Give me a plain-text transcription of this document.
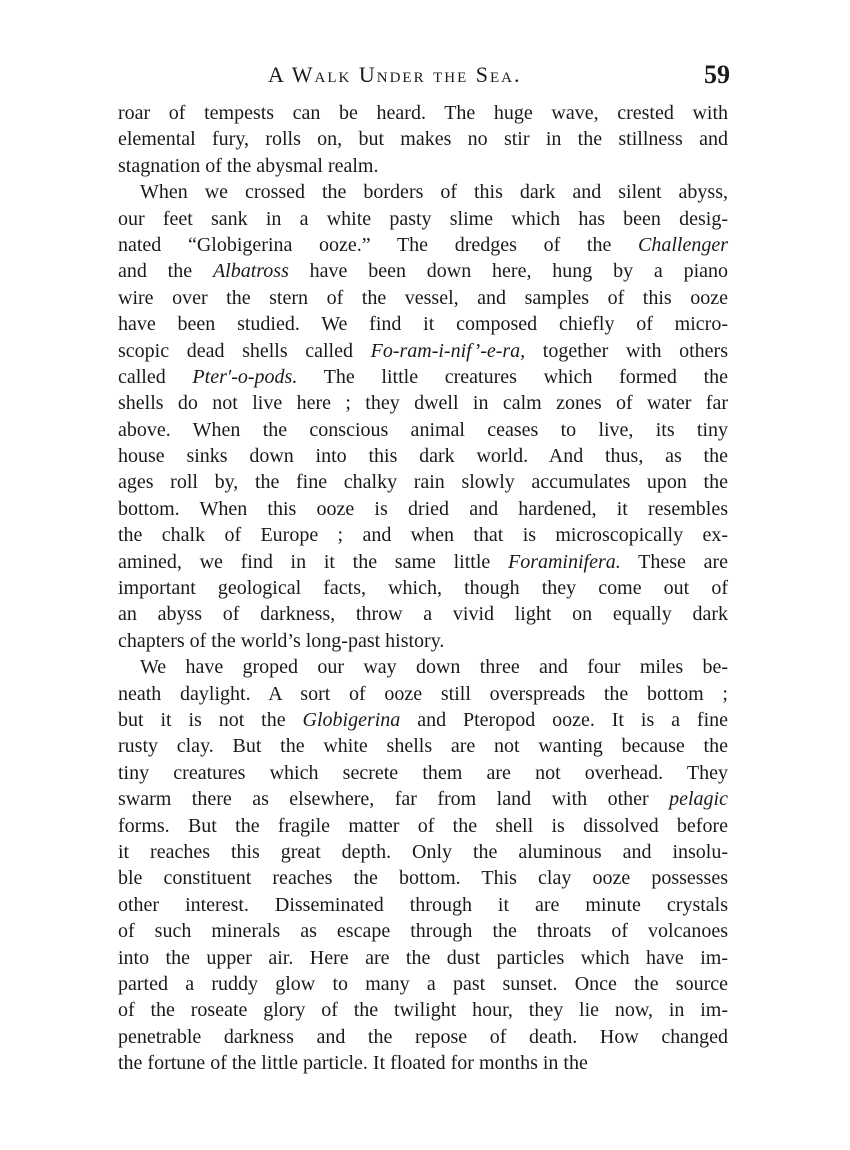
A Walk Under the Sea.	59
roar of tempests can be heard. The huge wave, crested with
elemental fury, rolls on, but makes no stir in the stillness and
stagnation of the abysmal realm.
When we crossed the borders of this dark and silent abyss,
our feet sank in a white pasty slime which has been desig-
nated “Globigerina ooze.” The dredges of the Challenger
and the Albatross have been down here, hung by a piano
wire over the stern of the vessel, and samples of this ooze
have been studied. We find it composed chiefly of micro-
scopic dead shells called Fo-ram-i-nif’-e-ra, together with others
called Pter′-o-pods. The little creatures which formed the
shells do not live here ; they dwell in calm zones of water far
above. When the conscious animal ceases to live, its tiny
house sinks down into this dark world. And thus, as the
ages roll by, the fine chalky rain slowly accumulates upon the
bottom. When this ooze is dried and hardened, it resembles
the chalk of Europe ; and when that is microscopically ex-
amined, we find in it the same little Foraminifera. These are
important geological facts, which, though they come out of
an abyss of darkness, throw a vivid light on equally dark
chapters of the world’s long-past history.
We have groped our way down three and four miles be-
neath daylight. A sort of ooze still overspreads the bottom ;
but it is not the Globigerina and Pteropod ooze. It is a fine
rusty clay. But the white shells are not wanting because the
tiny creatures which secrete them are not overhead. They
swarm there as elsewhere, far from land with other pelagic
forms. But the fragile matter of the shell is dissolved before
it reaches this great depth. Only the aluminous and insolu-
ble constituent reaches the bottom. This clay ooze possesses
other interest. Disseminated through it are minute crystals
of such minerals as escape through the throats of volcanoes
into the upper air. Here are the dust particles which have im-
parted a ruddy glow to many a past sunset. Once the source
of the roseate glory of the twilight hour, they lie now, in im-
penetrable darkness and the repose of death. How changed
the fortune of the little particle. It floated for months in the
